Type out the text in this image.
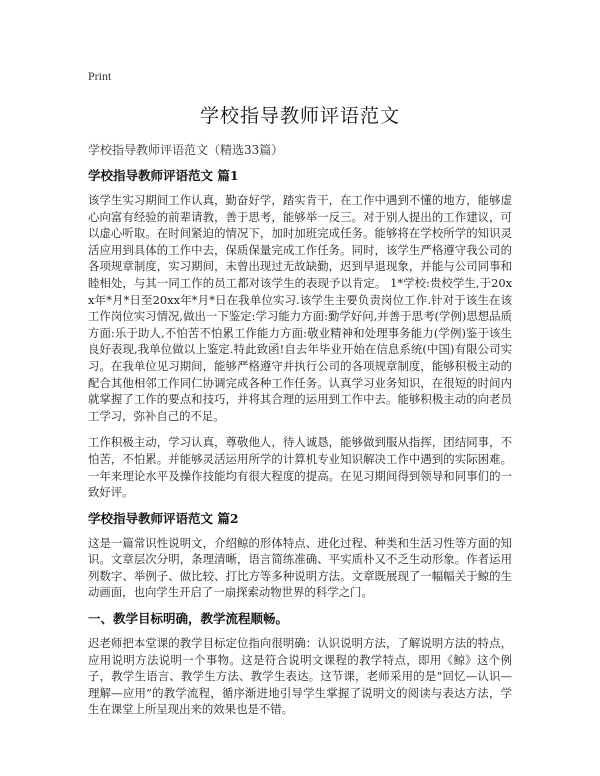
Print
学校指导教师评语范文
学校指导教师评语范文（精选33篇）
学校指导教师评语范文 篇1

该学生实习期间工作认真，勤奋好学，踏实肯干，在工作中遇到不懂的地方，能够虚心向富有经验的前辈请教，善于思考，能够举一反三。对于别人提出的工作建议，可以虚心听取。在时间紧迫的情况下，加时加班完成任务。能够将在学校所学的知识灵活应用到具体的工作中去，保质保量完成工作任务。同时，该学生严格遵守我公司的各项规章制度，实习期间，未曾出现过无故缺勤，迟到早退现象，并能与公司同事和睦相处，与其一同工作的员工都对该学生的表现予以肯定。 1*学校:贵校学生,于20xx年*月*日至20xx年*月*日在我单位实习.该学生主要负责岗位工作.针对于该生在该工作岗位实习情况,做出一下鉴定:学习能力方面:勤学好问,并善于思考(学例)思想品质方面:乐于助人,不怕苦不怕累工作能力方面:敬业精神和处理事务能力(学例)鉴于该生良好表现,我单位做以上鉴定.特此致函!自去年毕业开始在信息系统(中国)有限公司实习。在我单位见习期间，能够严格遵守并执行公司的各项规章制度，能够积极主动的配合其他相邻工作同仁协调完成各种工作任务。认真学习业务知识，在很短的时间内就掌握了工作的要点和技巧，并将其合理的运用到工作中去。能够积极主动的向老员工学习，弥补自己的不足。

工作积极主动，学习认真，尊敬他人，待人诚恳，能够做到服从指挥，团结同事，不怕苦，不怕累。并能够灵活运用所学的计算机专业知识解决工作中遇到的实际困难。一年来理论水平及操作技能均有很大程度的提高。在见习期间得到领导和同事们的一致好评。

学校指导教师评语范文 篇2

这是一篇常识性说明文，介绍鲸的形体特点、进化过程、种类和生活习性等方面的知识。文章层次分明，条理清晰，语言简练准确、平实质朴又不乏生动形象。作者运用列数字、举例子、做比较、打比方等多种说明方法。文章既展现了一幅幅关于鲸的生动画面，也向学生开启了一扇探索动物世界的科学之门。

一、教学目标明确，教学流程顺畅。

迟老师把本堂课的教学目标定位指向很明确：认识说明方法，了解说明方法的特点，应用说明方法说明一个事物。这是符合说明文课程的教学特点，即用《鲸》这个例子，教学生语言、教学生方法、教学生表达。这节课，老师采用的是“回忆—认识—理解—应用”的教学流程，循序渐进地引导学生掌握了说明文的阅读与表达方法，学生在课堂上所呈现出来的效果也是不错。
